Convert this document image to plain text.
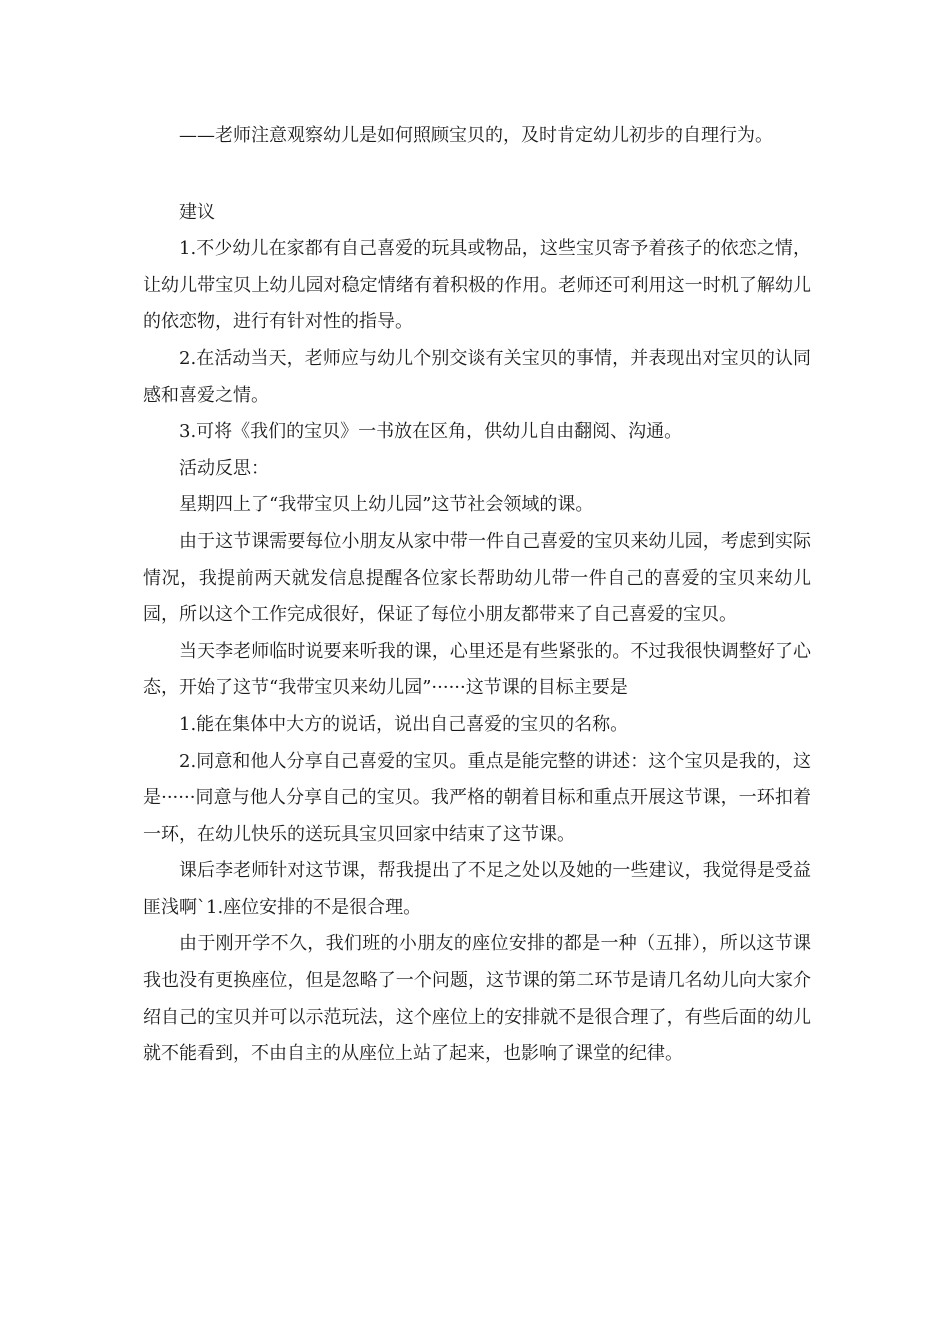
——老师注意观察幼儿是如何照顾宝贝的，及时肯定幼儿初步的自理行为。

建议

1.不少幼儿在家都有自己喜爱的玩具或物品，这些宝贝寄予着孩子的依恋之情，让幼儿带宝贝上幼儿园对稳定情绪有着积极的作用。老师还可利用这一时机了解幼儿的依恋物，进行有针对性的指导。

2.在活动当天，老师应与幼儿个别交谈有关宝贝的事情，并表现出对宝贝的认同感和喜爱之情。

3.可将《我们的宝贝》一书放在区角，供幼儿自由翻阅、沟通。

活动反思：

星期四上了“我带宝贝上幼儿园”这节社会领域的课。

由于这节课需要每位小朋友从家中带一件自己喜爱的宝贝来幼儿园，考虑到实际情况，我提前两天就发信息提醒各位家长帮助幼儿带一件自己的喜爱的宝贝来幼儿园，所以这个工作完成很好，保证了每位小朋友都带来了自己喜爱的宝贝。

当天李老师临时说要来听我的课，心里还是有些紧张的。不过我很快调整好了心态，开始了这节“我带宝贝来幼儿园”······这节课的目标主要是

1.能在集体中大方的说话，说出自己喜爱的宝贝的名称。

2.同意和他人分享自己喜爱的宝贝。重点是能完整的讲述：这个宝贝是我的，这是······同意与他人分享自己的宝贝。我严格的朝着目标和重点开展这节课，一环扣着一环，在幼儿快乐的送玩具宝贝回家中结束了这节课。

课后李老师针对这节课，帮我提出了不足之处以及她的一些建议，我觉得是受益匪浅啊`1.座位安排的不是很合理。

由于刚开学不久，我们班的小朋友的座位安排的都是一种（五排），所以这节课我也没有更换座位，但是忽略了一个问题，这节课的第二环节是请几名幼儿向大家介绍自己的宝贝并可以示范玩法，这个座位上的安排就不是很合理了，有些后面的幼儿就不能看到，不由自主的从座位上站了起来，也影响了课堂的纪律。
